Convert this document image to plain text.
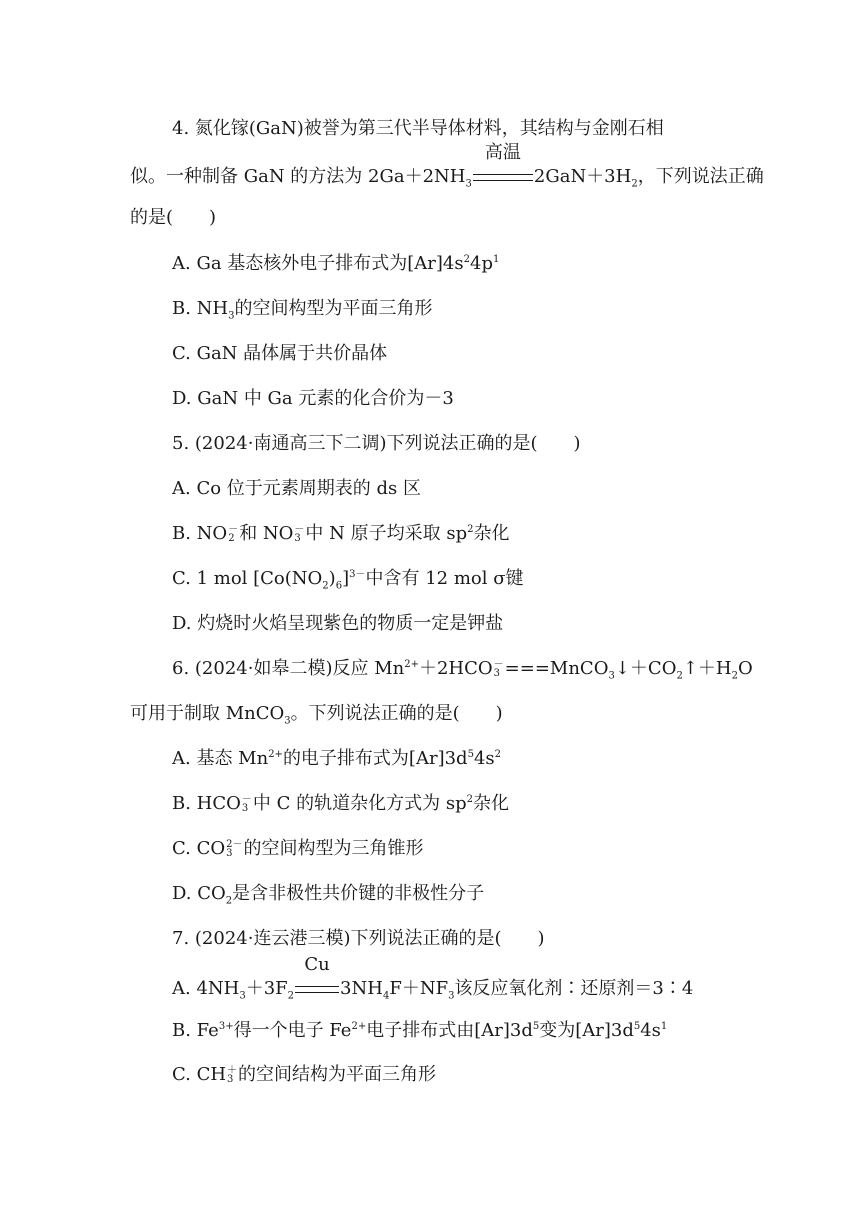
4. 氮化镓(GaN)被誉为第三代半导体材料，其结构与金刚石相
似。一种制备 GaN 的方法为 $2Ga+2NH_3$
高温
$2GaN+3H_2$，下列说法正确
的是(　　)
A. Ga 基态核外电子排布式为$[Ar]4s^24p^1$
B. $NH_3$的空间构型为平面三角形
C. GaN 晶体属于共价晶体
D. GaN 中 Ga 元素的化合价为－3
5. (2024·南通高三下二调)下列说法正确的是(　　)
A. Co 位于元素周期表的 ds 区
B. NO －
2 和 NO －
3 中 N 原子均采取 $sp^2$杂化
C. 1 mol $[Co(NO_2)_6]^{3-}$中含有 12 mol σ键
D. 灼烧时火焰呈现紫色的物质一定是钾盐
6. (2024·如皋二模)反应 $Mn^{2+}+2HCO$ －
$3 ===MnCO_3↓+CO_2↑+H_2O$
可用于制取 MnCO$_3$。下列说法正确的是(　　)
A. 基态 $Mn^{2+}$的电子排布式为$[Ar]3d^54s^2$
B. HCO －
3 中 C 的轨道杂化方式为 $sp^2$杂化
C. CO 2－
3 的空间构型为三角锥形
D. $CO_2$是含非极性共价键的非极性分子
7. (2024·连云港三模)下列说法正确的是(　　)
A. $4NH_3+3F_2$
Cu
$3NH_4F+NF_3$该反应氧化剂∶还原剂＝3∶4
B. $Fe^{3+}$得一个电子 $Fe^{2+}$电子排布式由$[Ar]3d^5$变为$[Ar]3d^54s^1$
C. CH ＋
3 的空间结构为平面三角形
